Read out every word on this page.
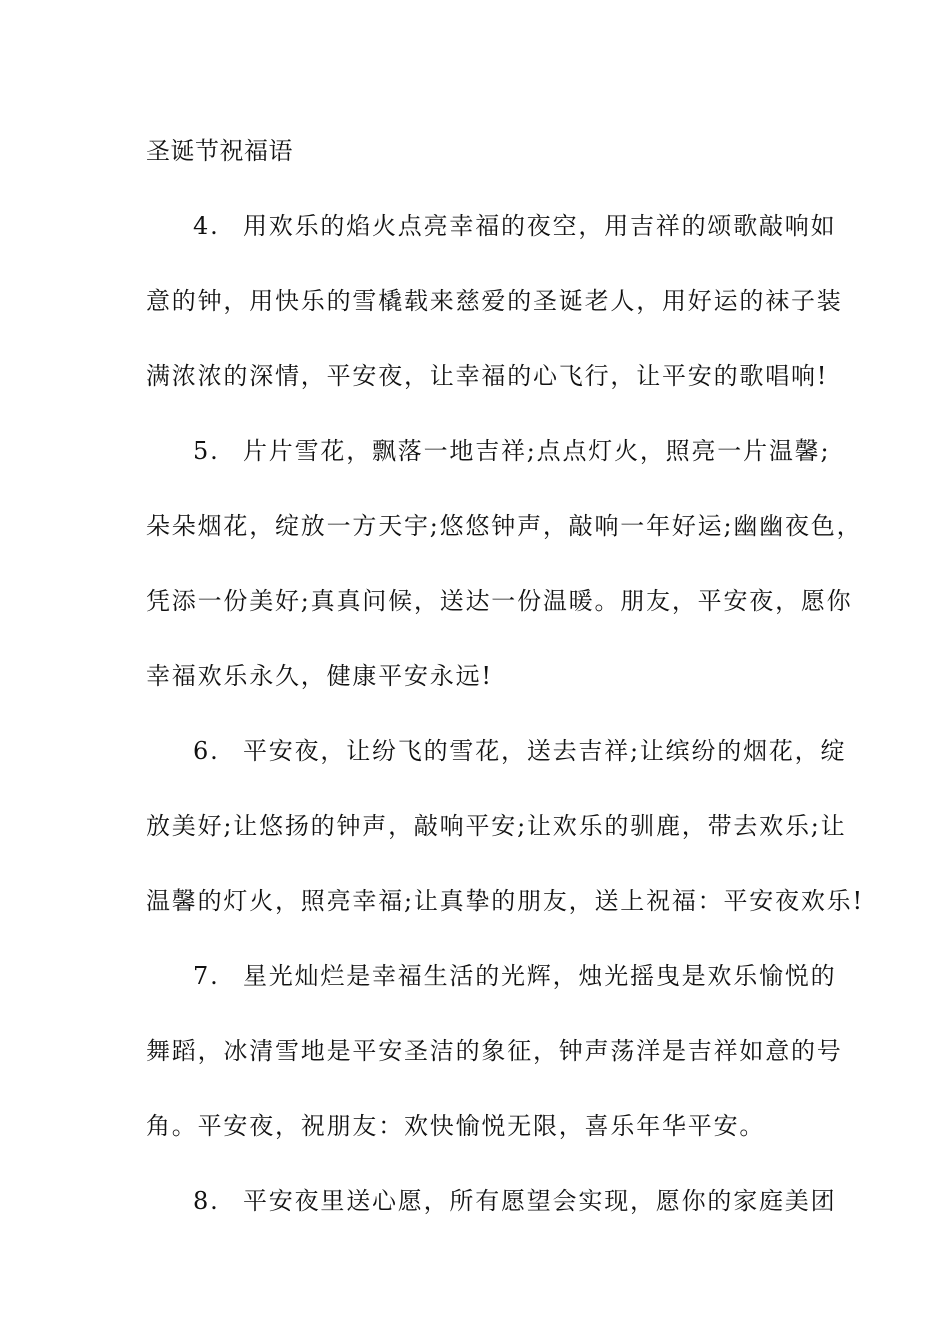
圣诞节祝福语
4. 用欢乐的焰火点亮幸福的夜空，用吉祥的颂歌敲响如
意的钟，用快乐的雪橇载来慈爱的圣诞老人，用好运的袜子装
满浓浓的深情，平安夜，让幸福的心飞行，让平安的歌唱响!
5. 片片雪花，飘落一地吉祥;点点灯火，照亮一片温馨;
朵朵烟花，绽放一方天宇;悠悠钟声，敲响一年好运;幽幽夜色，
凭添一份美好;真真问候，送达一份温暖。朋友，平安夜，愿你
幸福欢乐永久，健康平安永远!
6. 平安夜，让纷飞的雪花，送去吉祥;让缤纷的烟花，绽
放美好;让悠扬的钟声，敲响平安;让欢乐的驯鹿，带去欢乐;让
温馨的灯火，照亮幸福;让真挚的朋友，送上祝福：平安夜欢乐!
7. 星光灿烂是幸福生活的光辉，烛光摇曳是欢乐愉悦的
舞蹈，冰清雪地是平安圣洁的象征，钟声荡洋是吉祥如意的号
角。平安夜，祝朋友：欢快愉悦无限，喜乐年华平安。
8. 平安夜里送心愿，所有愿望会实现，愿你的家庭美团
